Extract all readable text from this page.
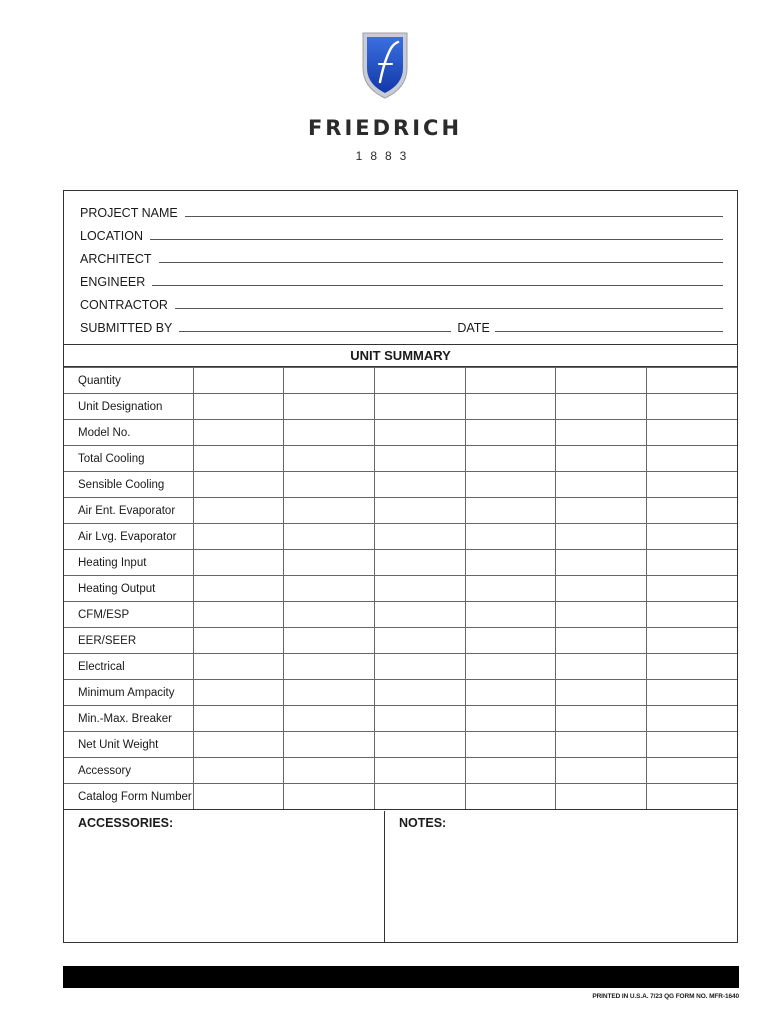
FRIEDRICH
1883
PROJECT NAME
LOCATION
ARCHITECT
ENGINEER
CONTRACTOR
SUBMITTED BY	DATE
UNIT SUMMARY
Quantity						
Unit Designation						
Model No.						
Total Cooling						
Sensible Cooling						
Air Ent. Evaporator						
Air Lvg. Evaporator						
Heating Input						
Heating Output						
CFM/ESP						
EER/SEER						
Electrical						
Minimum Ampacity						
Min.-Max. Breaker						
Net Unit Weight						
Accessory						
Catalog Form Number						
ACCESSORIES:	NOTES:
PRINTED IN U.S.A. 7/23 QG FORM NO. MFR-1640
